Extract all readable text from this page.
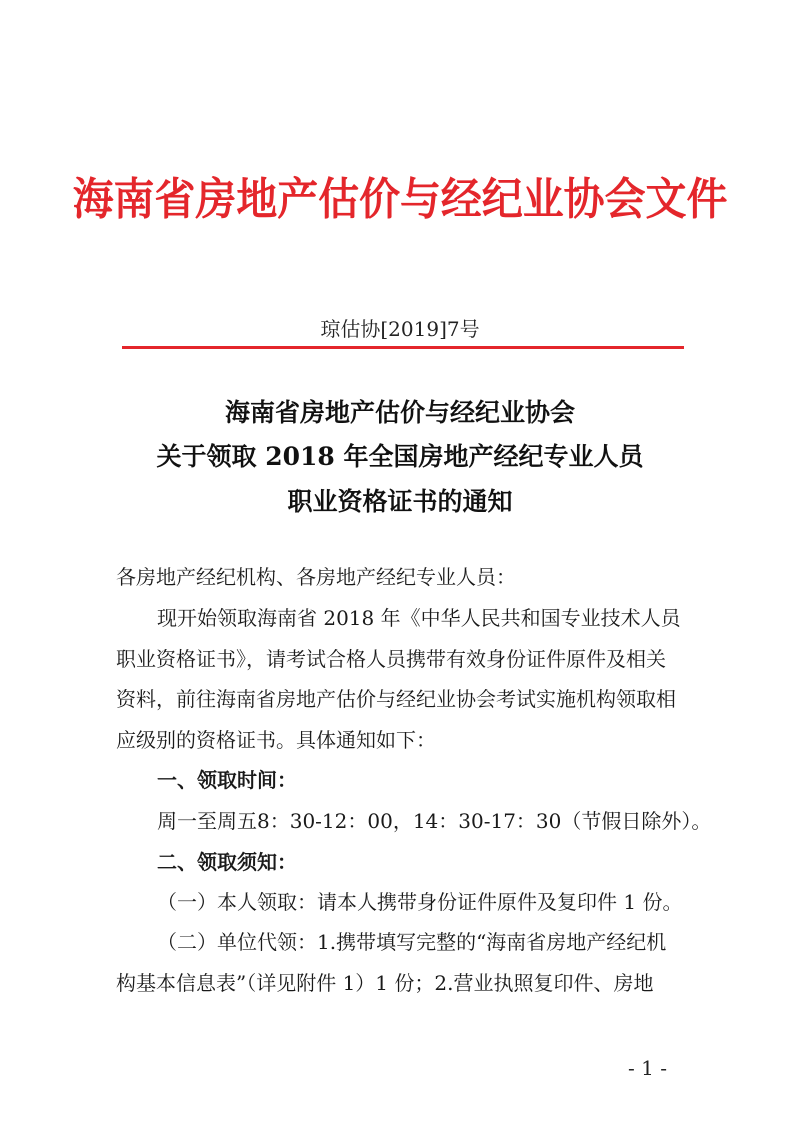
海南省房地产估价与经纪业协会文件
琼估协[2019]7号
海南省房地产估价与经纪业协会
关于领取 2018 年全国房地产经纪专业人员
职业资格证书的通知
各房地产经纪机构、各房地产经纪专业人员：
现开始领取海南省 2018 年《中华人民共和国专业技术人员
职业资格证书》，请考试合格人员携带有效身份证件原件及相关
资料，前往海南省房地产估价与经纪业协会考试实施机构领取相
应级别的资格证书。具体通知如下：
一、领取时间：
周一至周五8：30-12：00，14：30-17：30（节假日除外）。
二、领取须知：
（一）本人领取：请本人携带身份证件原件及复印件 1 份。
（二）单位代领：1.携带填写完整的“海南省房地产经纪机
构基本信息表”（详见附件 1）1 份；2.营业执照复印件、房地
- 1 -
